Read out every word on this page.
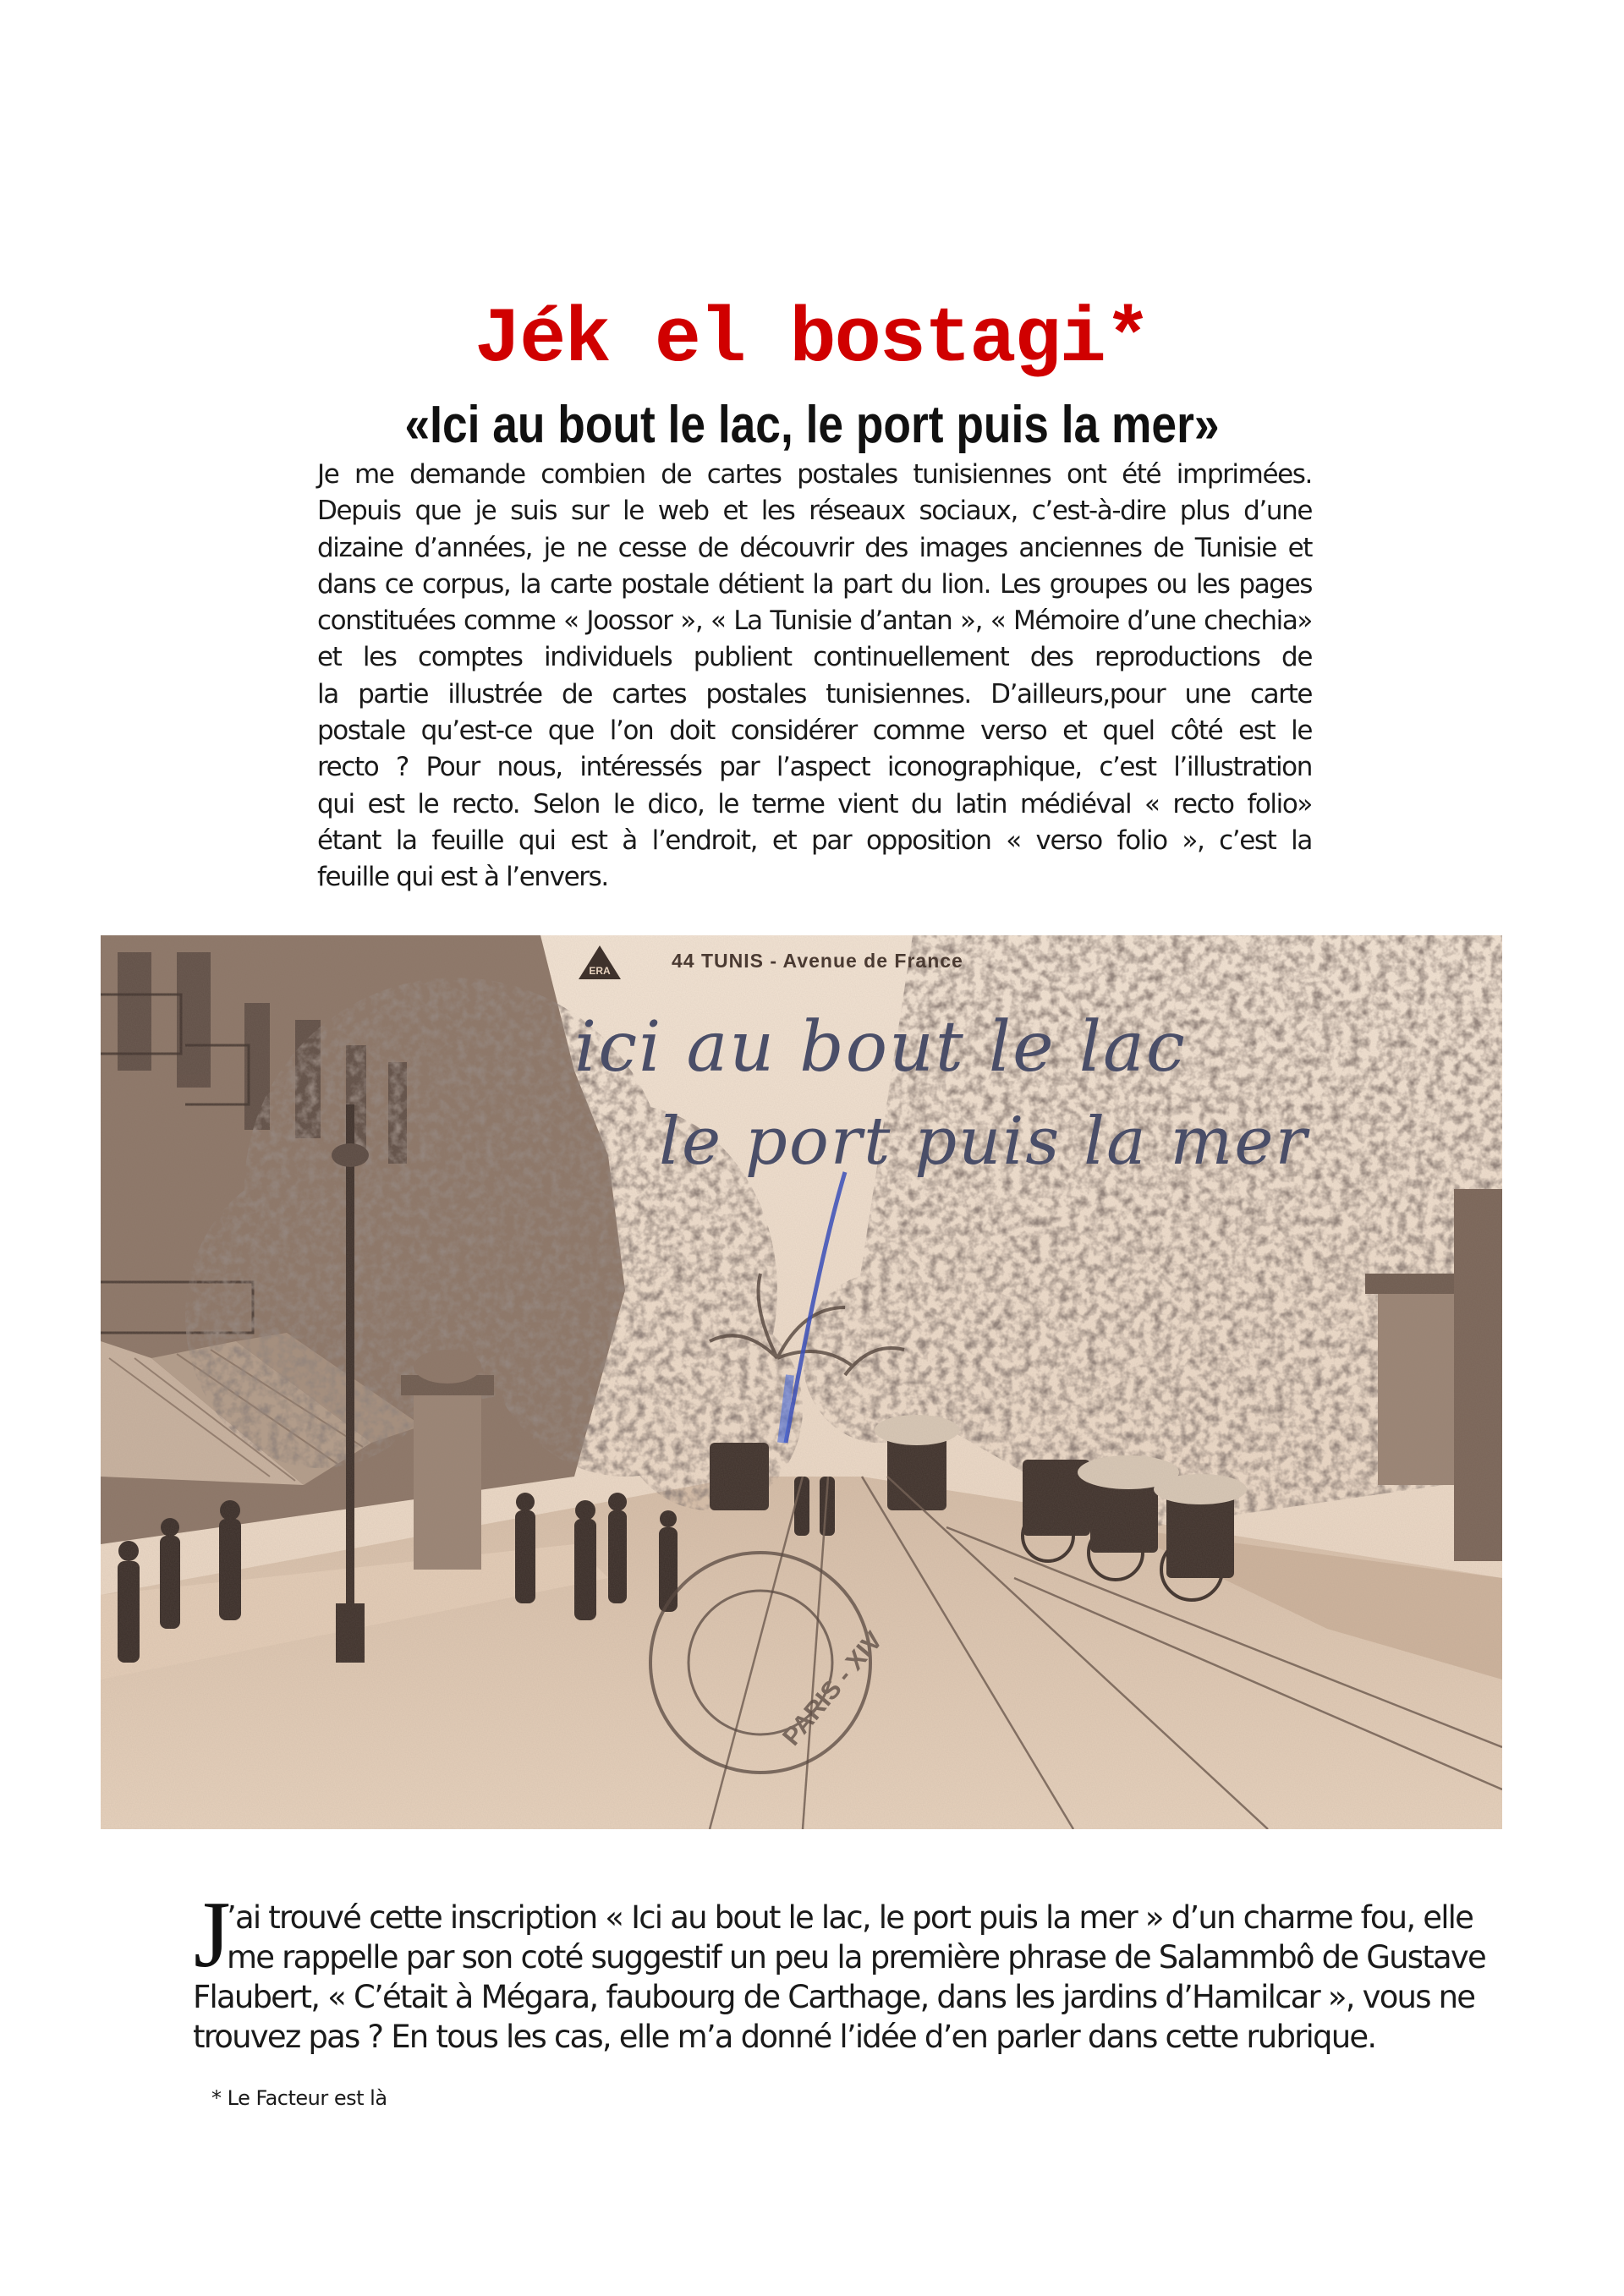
Jék el bostagi*
«Ici au bout le lac, le port puis la mer»
Je me demande combien de cartes postales tunisiennes ont été imprimées.
Depuis que je suis sur le web et les réseaux sociaux, c’est-à-dire plus d’une
dizaine d’années, je ne cesse de découvrir des images anciennes de Tunisie et
dans ce corpus, la carte postale détient la part du lion. Les groupes ou les pages
constituées comme « Joossor », « La Tunisie d’antan », « Mémoire d’une chechia»
et les comptes individuels publient continuellement des reproductions de
la partie illustrée de cartes postales tunisiennes. D’ailleurs,pour une carte
postale qu’est-ce que l’on doit considérer comme verso et quel côté est le
recto ? Pour nous, intéressés par l’aspect iconographique, c’est l’illustration
qui est le recto. Selon le dico, le terme vient du latin médiéval « recto folio»
étant la feuille qui est à l’endroit, et par opposition « verso folio », c’est la
feuille qui est à l’envers.
ERA	44 TUNIS - Avenue de France
ici au bout le lac
le port puis la mer
PARIS - XIV
J
’ai trouvé cette inscription « Ici au bout le lac, le port puis la mer » d’un charme fou, elle
me rappelle par son coté suggestif un peu la première phrase de Salammbô de Gustave
Flaubert, « C’était à Mégara, faubourg de Carthage, dans les jardins d’Hamilcar », vous ne
trouvez pas ? En tous les cas, elle m’a donné l’idée d’en parler dans cette rubrique.
* Le Facteur est là
